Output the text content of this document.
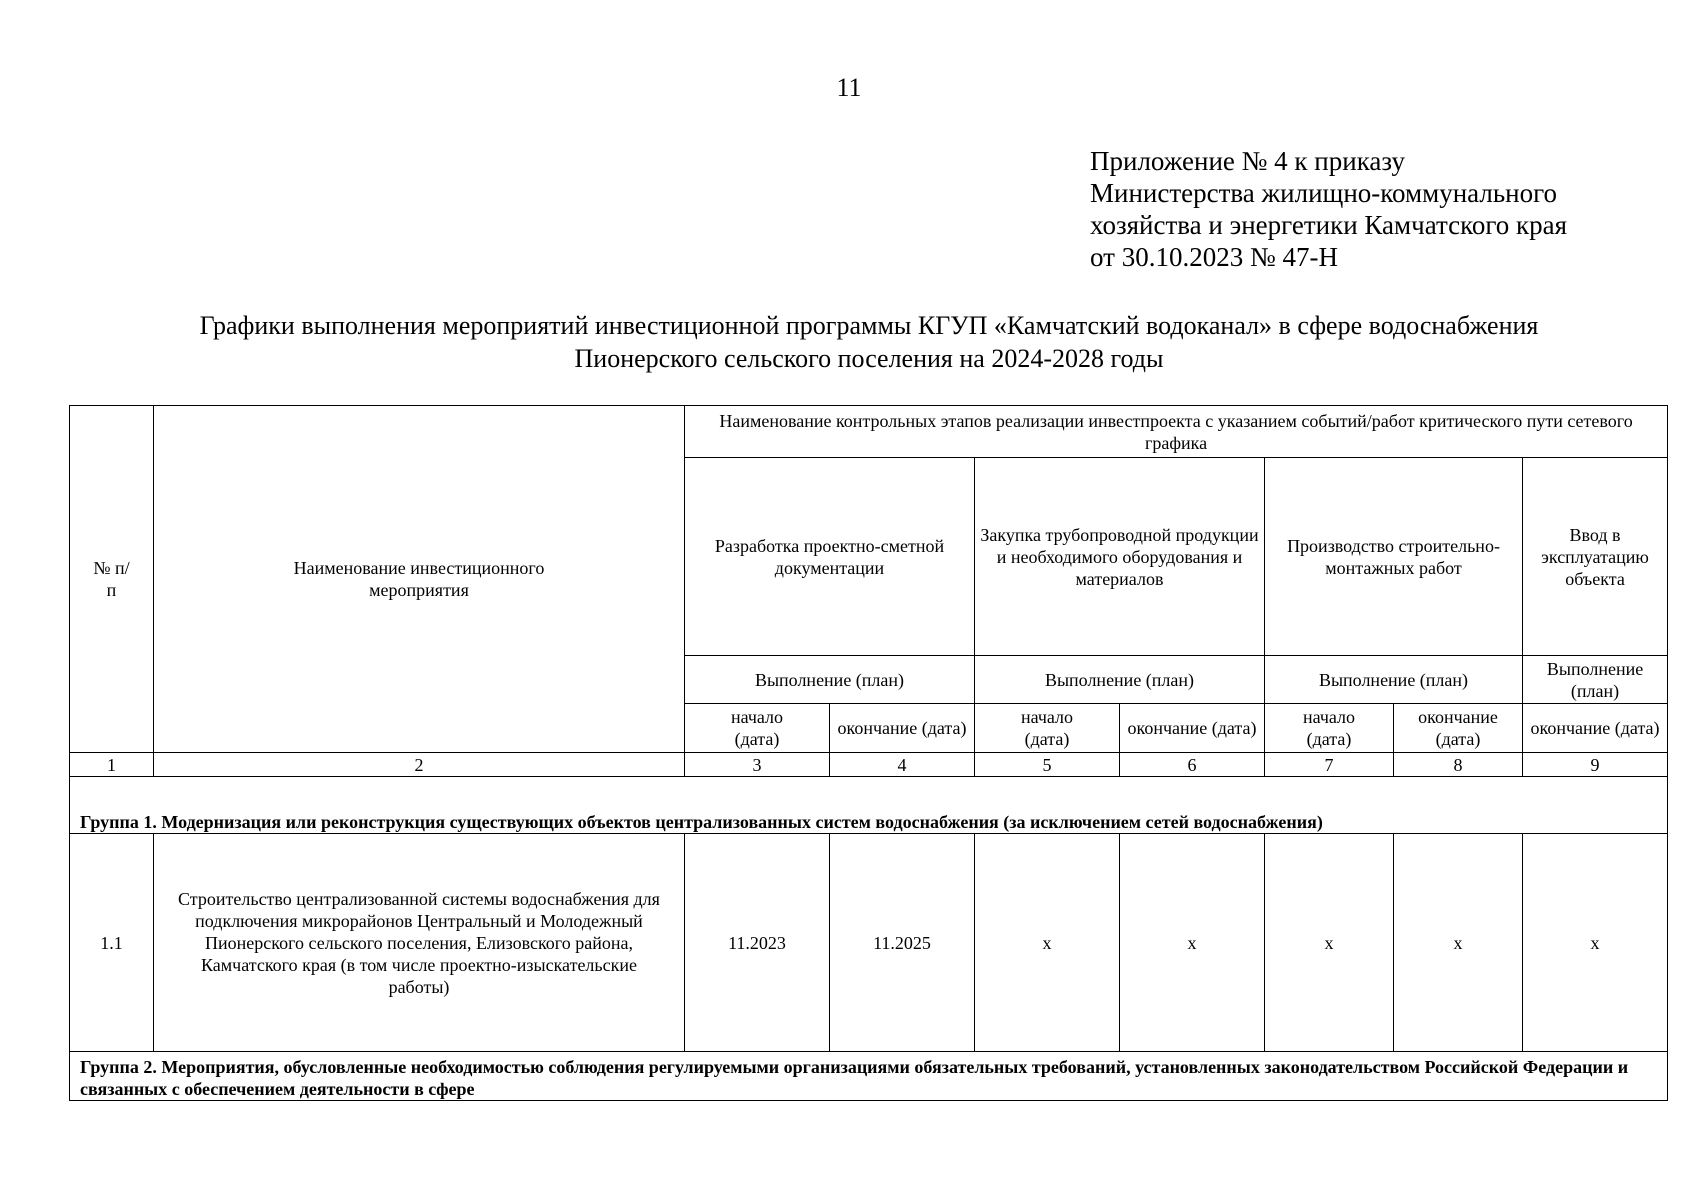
11
Приложение № 4 к приказу
Министерства жилищно-коммунального
хозяйства и энергетики Камчатского края
от 30.10.2023 № 47-Н
Графики выполнения мероприятий инвестиционной программы КГУП «Камчатский водоканал» в сфере водоснабжения
Пионерского сельского поселения на 2024-2028 годы
№ п/п	Наименование инвестиционного мероприятия	Наименование контрольных этапов реализации инвестпроекта с указанием событий/работ критического пути сетевого графика						
		Разработка проектно-сметной документации		Закупка трубопроводной продукции и необходимого оборудования и материалов		Производство строительно-монтажных работ		Ввод в эксплуатацию объекта
		Выполнение (план)		Выполнение (план)		Выполнение (план)		Выполнение (план)
		начало (дата)	окончание (дата)	начало (дата)	окончание (дата)	начало (дата)	окончание (дата)	окончание (дата)
1	2	3	4	5	6	7	8	9
Группа 1. Модернизация или реконструкция существующих объектов централизованных систем водоснабжения (за исключением сетей водоснабжения)								
1.1	Строительство централизованной системы водоснабжения для подключения микрорайонов Центральный и Молодежный Пионерского сельского поселения, Елизовского района, Камчатского края (в том числе проектно-изыскательские работы)	11.2023	11.2025	х	х	х	х	х
Группа 2. Мероприятия, обусловленные необходимостью соблюдения регулируемыми организациями обязательных требований, установленных законодательством Российской Федерации и связанных с обеспечением деятельности в сфере								
